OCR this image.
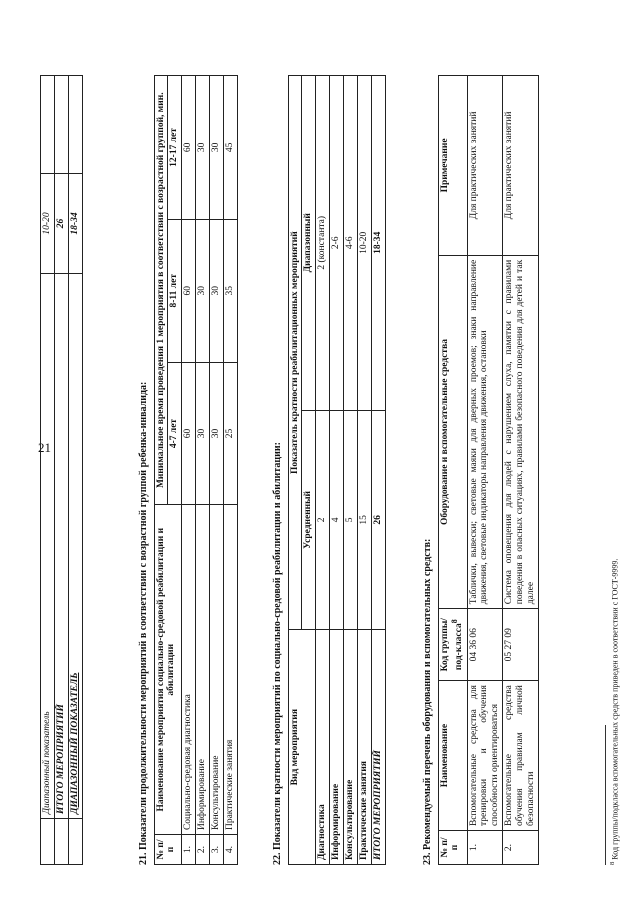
21
	Диапазонный показатель	10-20	
	ИТОГО МЕРОПРИЯТИЙ	26	
	ДИАПАЗОННЫЙ ПОКАЗАТЕЛЬ	18-34	
21. Показатели продолжительности мероприятий в соответствии с возрастной группой ребенка-инвалида: № п/п	Наименование мероприятия социально-средовой реабилитации и абилитации	Минимальное время проведения 1 мероприятия в соответствии с возрастной группой, мин.		
		4-7 лет	8-11 лет	12-17 лет
1.	Социально-средовая диагностика	60	60	60
2.	Информирование	30	30	30
3.	Консультирование	30	30	30
4.	Практические занятия	25	35	45
22. Показатели кратности мероприятий по социально-средовой реабилитации и абилитации: Вид мероприятия	Показатель кратности реабилитационных мероприятий	
	Усредненный	Диапазонный
Диагностика	2	2 (константа)
Информирование	4	2-6
Консультирование	5	4-6
Практические занятия	15	10-20
ИТОГО МЕРОПРИЯТИЙ	26	18-34
23. Рекомендуемый перечень оборудования и вспомогательных средств: № п/п	Наименование	Код группы/под-класса$^8$	Оборудование и вспомогательные средства	Примечание
1.	Вспомогательные средства для тренировки и обучения способности ориентироваться	04 36 06	Таблички, вывески; световые маяки для дверных проемов; знаки направление движения, световые индикаторы направления движения, остановки	Для практических занятий
2.	Вспомогательные средства обучения правилам личной безопасности	05 27 09	Система оповещения для людей с нарушением слуха, памятки с правилами поведения в опасных ситуациях, правилами безопасного поведения для детей и так далее	Для практических занятий
$^8$ Код группы/подкласса вспомогательных средств приведен в соответствии с ГОСТ-9999.
